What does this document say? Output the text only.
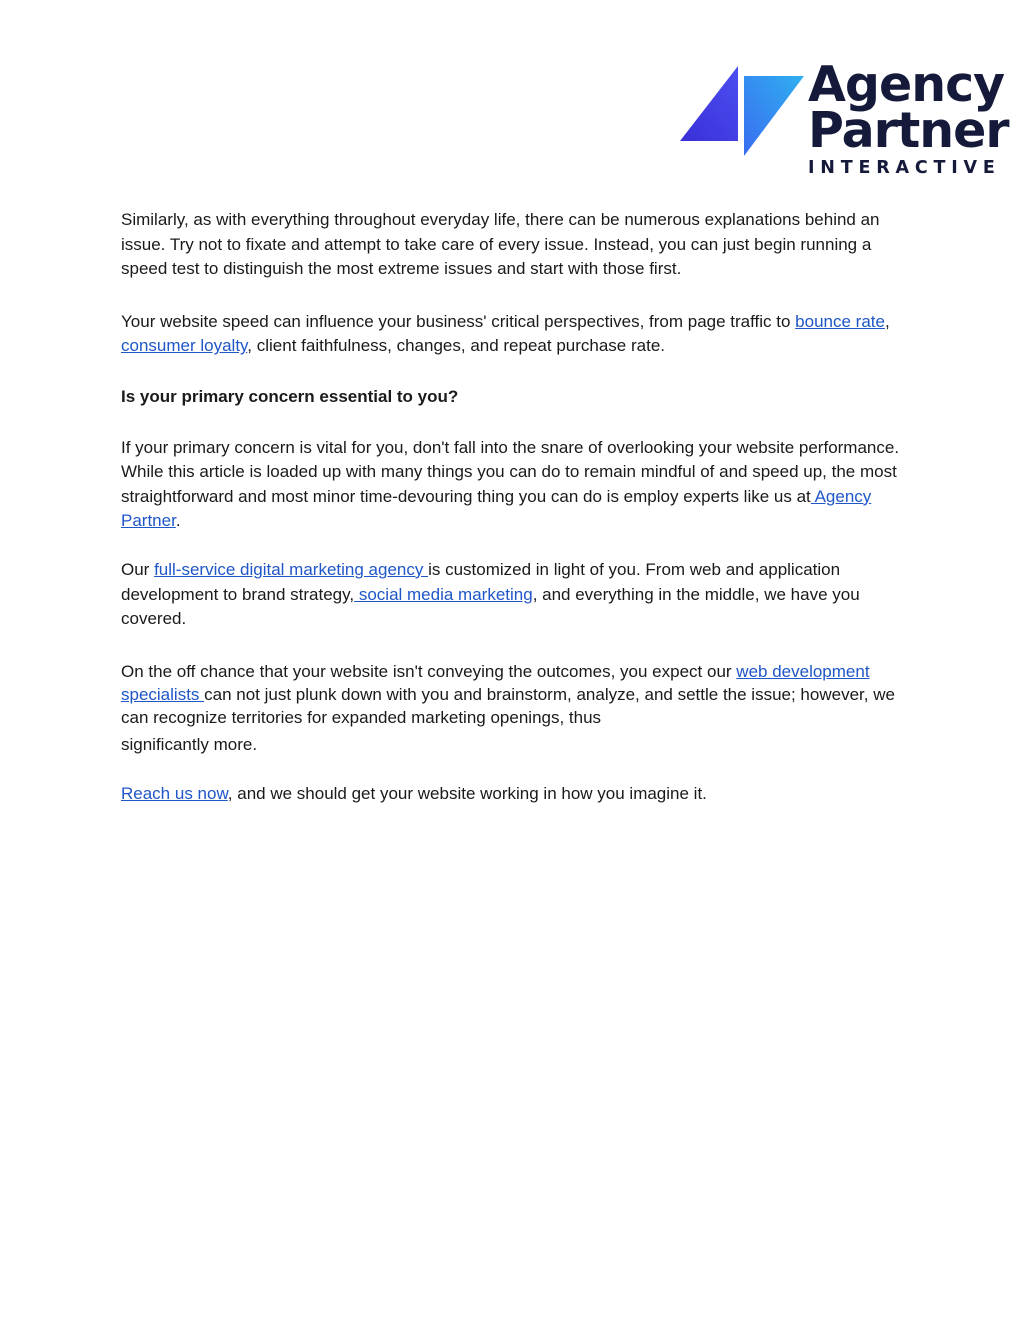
Agency
Partner
INTERACTIVE

Similarly, as with everything throughout everyday life, there can be numerous explanations behind an issue. Try not to fixate and attempt to take care of every issue. Instead, you can just begin running a speed test to distinguish the most extreme issues and start with those first.

Your website speed can influence your business' critical perspectives, from page traffic to bounce rate, consumer loyalty, client faithfulness, changes, and repeat purchase rate.

Is your primary concern essential to you?

If your primary concern is vital for you, don't fall into the snare of overlooking your website performance. While this article is loaded up with many things you can do to remain mindful of and speed up, the most straightforward and most minor time-devouring thing you can do is employ experts like us at Agency Partner.

Our full-service digital marketing agency is customized in light of you. From web and application development to brand strategy, social media marketing, and everything in the middle, we have you covered.

On the off chance that your website isn't conveying the outcomes, you expect our web development specialists can not just plunk down with you and brainstorm, analyze, and settle the issue; however, we can recognize territories for expanded marketing openings, thus
significantly more.

Reach us now, and we should get your website working in how you imagine it.
